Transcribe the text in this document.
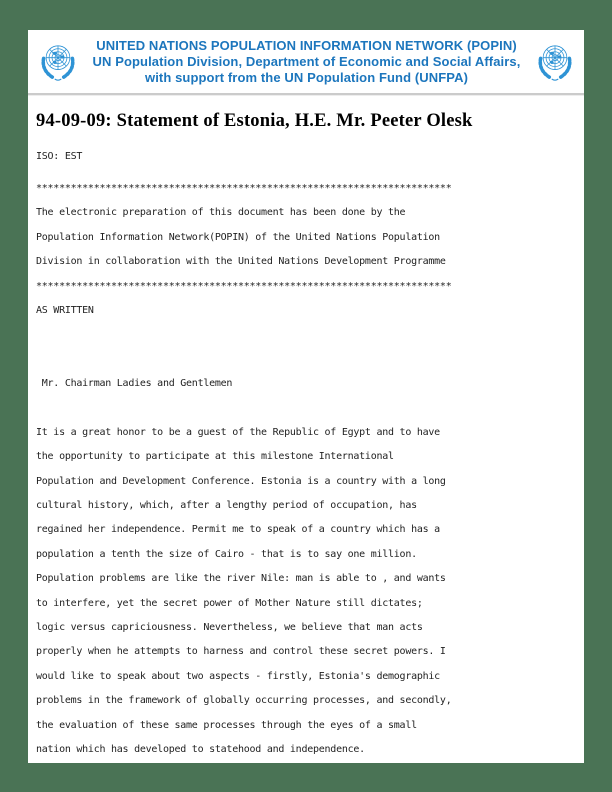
UNITED NATIONS POPULATION INFORMATION NETWORK (POPIN)
UN Population Division, Department of Economic and Social Affairs,
with support from the UN Population Fund (UNFPA)
94-09-09: Statement of Estonia, H.E. Mr. Peeter Olesk
ISO: EST
************************************************************************
The electronic preparation of this document has been done by the
Population Information Network(POPIN) of the United Nations Population
Division in collaboration with the United Nations Development Programme
************************************************************************
AS WRITTEN
Mr. Chairman Ladies and Gentlemen
It is a great honor to be a guest of the Republic of Egypt and to have
the opportunity to participate at this milestone International
Population and Development Conference. Estonia is a country with a long
cultural history, which, after a lengthy period of occupation, has
regained her independence. Permit me to speak of a country which has a
population a tenth the size of Cairo - that is to say one million.
Population problems are like the river Nile: man is able to , and wants
to interfere, yet the secret power of Mother Nature still dictates;
logic versus capriciousness. Nevertheless, we believe that man acts
properly when he attempts to harness and control these secret powers. I
would like to speak about two aspects - firstly, Estonia's demographic
problems in the framework of globally occurring processes, and secondly,
the evaluation of these same processes through the eyes of a small
nation which has developed to statehood and independence.
